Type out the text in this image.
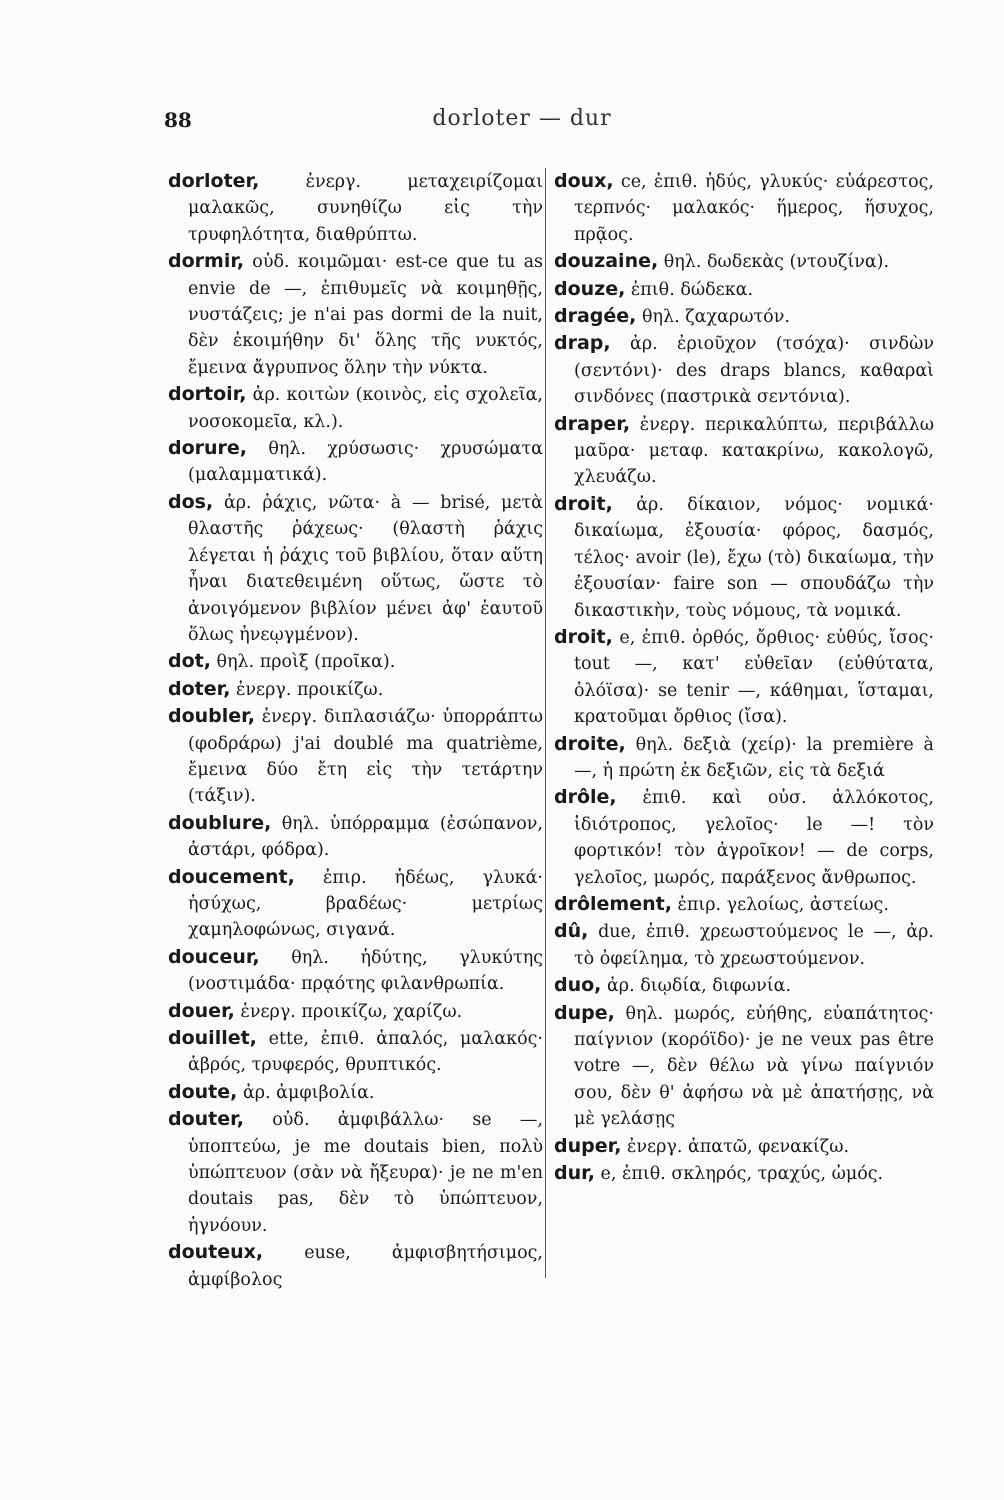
88	dorloter — dur

dorloter, ἐνεργ. μεταχειρίζομαι μαλακῶς, συνηθίζω εἰς τὴν τρυφηλότητα, διαθρύπτω.

dormir, οὐδ. κοιμῶμαι· est-ce que tu as envie de —, ἐπιθυμεῖς νὰ κοιμηθῇς, νυστάζεις; je n'ai pas dormi de la nuit, δὲν ἐκοιμήθην δι' ὅλης τῆς νυκτός, ἔμεινα ἄγρυπνος ὅλην τὴν νύκτα.

dortoir, ἀρ. κοιτὼν (κοινὸς, εἰς σχολεῖα, νοσοκομεῖα, κλ.).

dorure, θηλ. χρύσωσις· χρυσώματα (μαλαμματικά).

dos, ἀρ. ῥάχις, νῶτα· à — brisé, μετὰ θλαστῆς ῥάχεως· (θλαστὴ ῥάχις λέγεται ἡ ῥάχις τοῦ βιβλίου, ὅταν αὕτη ἦναι διατεθειμένη οὕτως, ὥστε τὸ ἀνοιγόμενον βιβλίον μένει ἀφ' ἑαυτοῦ ὅλως ἠνεῳγμένον).

dot, θηλ. προὶξ (προῖκα).

doter, ἐνεργ. προικίζω.

doubler, ἐνεργ. διπλασιάζω· ὑπορράπτω (φοδράρω) j'ai doublé ma quatrième, ἔμεινα δύο ἔτη εἰς τὴν τετάρτην (τάξιν).

doublure, θηλ. ὑπόρραμμα (ἐσώπανον, ἀστάρι, φόδρα).

doucement, ἐπιρ. ἡδέως, γλυκά· ἡσύχως, βραδέως· μετρίως χαμηλοφώνως, σιγανά.

douceur, θηλ. ἡδύτης, γλυκύτης (νοστιμάδα· πρᾳότης φιλανθρωπία.

douer, ἐνεργ. προικίζω, χαρίζω.

douillet, ette, ἐπιθ. ἁπαλός, μαλακός· ἁβρός, τρυφερός, θρυπτικός.

doute, ἀρ. ἀμφιβολία.

douter, οὐδ. ἀμφιβάλλω· se —, ὑποπτεύω, je me doutais bien, πολὺ ὑπώπτευον (σὰν νὰ ἤξευρα)· je ne m'en doutais pas, δὲν τὸ ὑπώπτευον, ἠγνόουν.

douteux, euse, ἀμφισβητήσιμος, ἀμφίβολος

doux, ce, ἐπιθ. ἡδύς, γλυκύς· εὐάρεστος, τερπνός· μαλακός· ἥμερος, ἥσυχος, πρᾷος.

douzaine, θηλ. δωδεκὰς (ντουζίνα).

douze, ἐπιθ. δώδεκα.

dragée, θηλ. ζαχαρωτόν.

drap, ἀρ. ἐριοῦχον (τσόχα)· σινδὼν (σεντόνι)· des draps blancs, καθαραὶ σινδόνες (παστρικὰ σεντόνια).

draper, ἐνεργ. περικαλύπτω, περιβάλλω μαῦρα· μεταφ. κατακρίνω, κακολογῶ, χλευάζω.

droit, ἀρ. δίκαιον, νόμος· νομικά· δικαίωμα, ἐξουσία· φόρος, δασμός, τέλος· avoir (le), ἔχω (τὸ) δικαίωμα, τὴν ἐξουσίαν· faire son — σπουδάζω τὴν δικαστικὴν, τοὺς νόμους, τὰ νομικά.

droit, e, ἐπιθ. ὀρθός, ὄρθιος· εὐθύς, ἴσος· tout —, κατ' εὐθεῖαν (εὐθύτατα, ὁλόϊσα)· se tenir —, κάθημαι, ἵσταμαι, κρατοῦμαι ὄρθιος (ἴσα).

droite, θηλ. δεξιὰ (χείρ)· la première à —, ἡ πρώτη ἐκ δεξιῶν, εἰς τὰ δεξιά

drôle, ἐπιθ. καὶ οὐσ. ἀλλόκοτος, ἰδιότροπος, γελοῖος· le —! τὸν φορτικόν! τὸν ἀγροῖκον! — de corps, γελοῖος, μωρός, παράξενος ἄνθρωπος.

drôlement, ἐπιρ. γελοίως, ἀστείως.

dû, due, ἐπιθ. χρεωστούμενος le —, ἀρ. τὸ ὀφείλημα, τὸ χρεωστούμενον.

duo, ἀρ. διῳδία, διφωνία.

dupe, θηλ. μωρός, εὐήθης, εὐαπάτητος· παίγνιον (κορόϊδο)· je ne veux pas être votre —, δὲν θέλω νὰ γίνω παίγνιόν σου, δὲν θ' ἀφήσω νὰ μὲ ἀπατήσῃς, νὰ μὲ γελάσῃς

duper, ἐνεργ. ἀπατῶ, φενακίζω.

dur, e, ἐπιθ. σκληρός, τραχύς, ὠμός.
